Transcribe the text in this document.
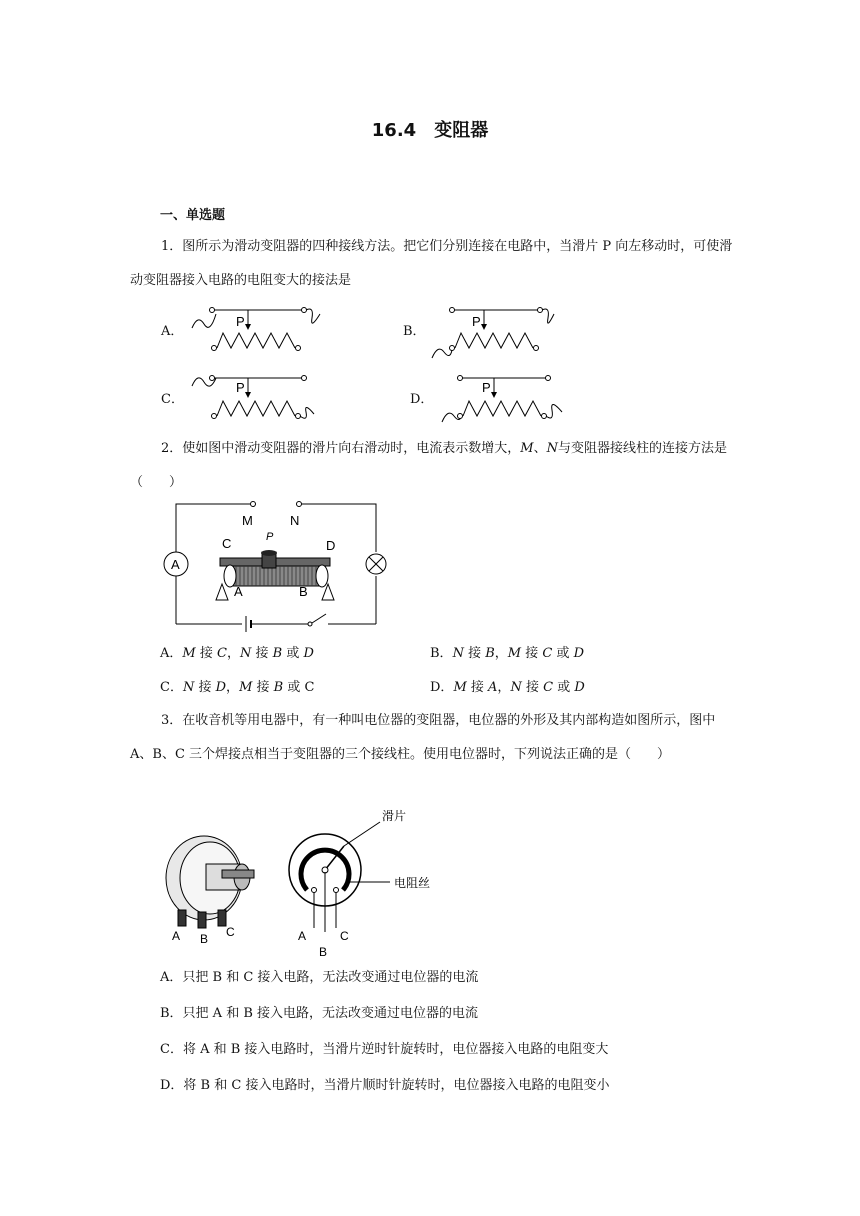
16.4　变阻器
一、单选题
1．图所示为滑动变阻器的四种接线方法。把它们分别连接在电路中，当滑片 P 向左移动时，可使滑动变阻器接入电路的电阻变大的接法是
A．	B．
C．	D．
P	P
P	P
2．使如图中滑动变阻器的滑片向右滑动时，电流表示数增大，M、N与变阻器接线柱的连接方法是（　　）
M	N
A
C	D
P
A	B
A．M 接 C，N 接 B 或 D	B．N 接 B，M 接 C 或 D
C．N 接 D，M 接 B 或 C	D．M 接 A，N 接 C 或 D
3．在收音机等用电器中，有一种叫电位器的变阻器，电位器的外形及其内部构造如图所示，图中 A、B、C 三个焊接点相当于变阻器的三个接线柱。使用电位器时，下列说法正确的是（　　）
A B C	A
B
C
滑片
电阻丝
A．只把 B 和 C 接入电路，无法改变通过电位器的电流
B．只把 A 和 B 接入电路，无法改变通过电位器的电流
C．将 A 和 B 接入电路时，当滑片逆时针旋转时，电位器接入电路的电阻变大
D．将 B 和 C 接入电路时，当滑片顺时针旋转时，电位器接入电路的电阻变小
